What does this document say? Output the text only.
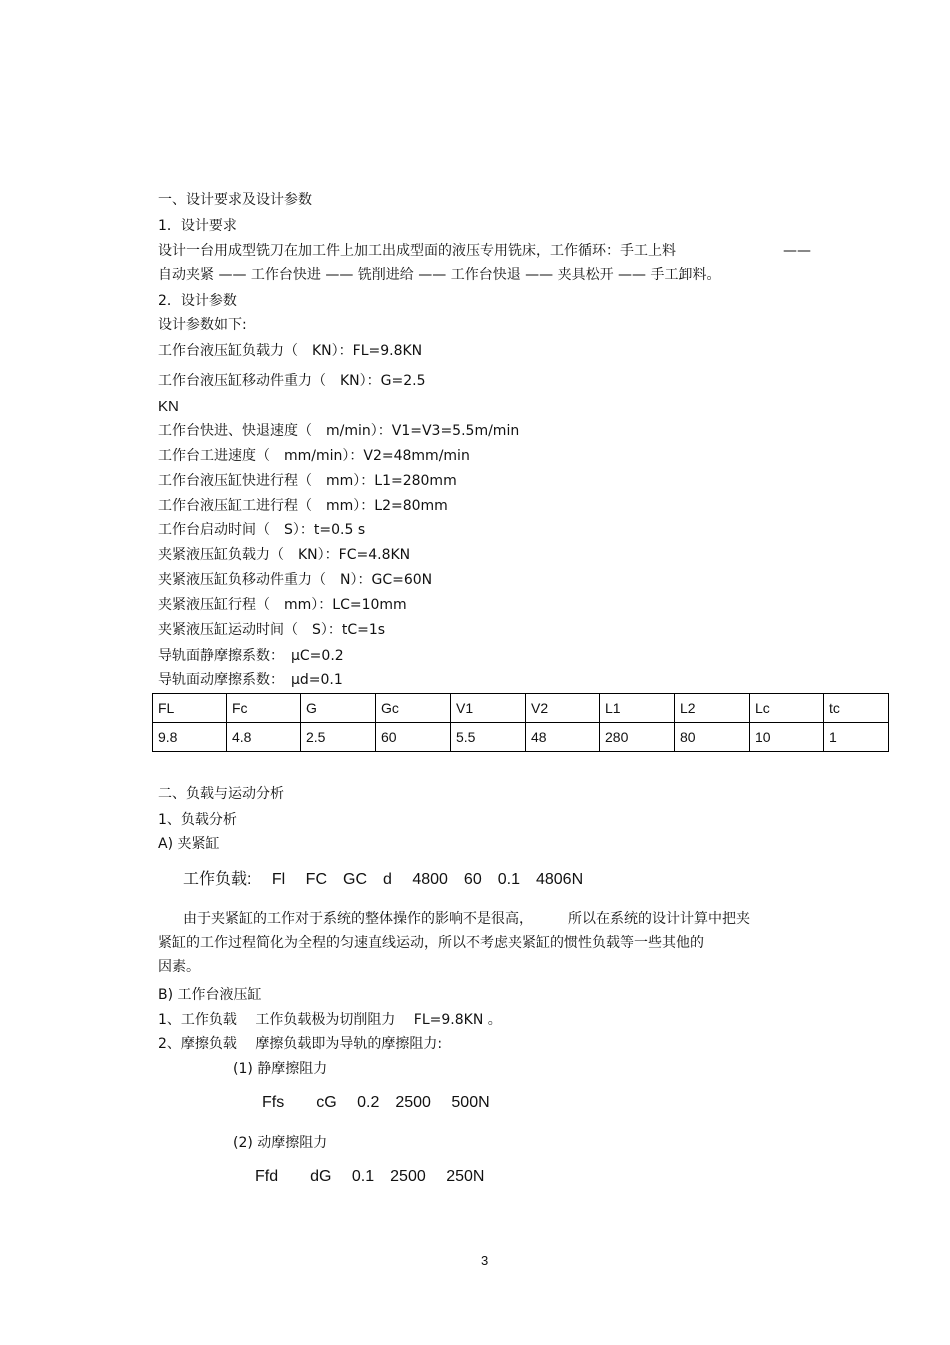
一、设计要求及设计参数
1．设计要求
设计一台用成型铣刀在加工件上加工出成型面的液压专用铣床，工作循环：手工上料	——
自动夹紧 —— 工作台快进 —— 铣削进给 —— 工作台快退 —— 夹具松开 —— 手工卸料。
2．设计参数
设计参数如下:
工作台液压缸负载力（　KN）：FL=9.8KN
工作台液压缸移动件重力（　KN）：G=2.5
KN
工作台快进、快退速度（　m/min）：V1=V3=5.5m/min
工作台工进速度（　mm/min）：V2=48mm/min
工作台液压缸快进行程（　mm）：L1=280mm
工作台液压缸工进行程（　mm）：L2=80mm
工作台启动时间（　S）：t=0.5 s
夹紧液压缸负载力（　KN）：FC=4.8KN
夹紧液压缸负移动件重力（　N）：GC=60N
夹紧液压缸行程（　mm）：LC=10mm
夹紧液压缸运动时间（　S）：tC=1s
导轨面静摩擦系数：　μC=0.2
导轨面动摩擦系数：　μd=0.1
FL	Fc	G	Gc	V1	V2	L1	L2	Lc	tc
9.8	4.8	2.5	60	5.5	48	280	80	10	1
二、负载与运动分析
1、负载分析
A) 夹紧缸
工作负载:　 Fl　 FC　GC　d　 4800　60　0.1　4806N
由于夹紧缸的工作对于系统的整体操作的影响不是很高，　　　所以在系统的设计计算中把夹
紧缸的工作过程简化为全程的匀速直线运动，所以不考虑夹紧缸的惯性负载等一些其他的
因素。
B) 工作台液压缸
1、工作负载　 工作负载极为切削阻力　 FL=9.8KN 。
2、摩擦负载　 摩擦负载即为导轨的摩擦阻力:
(1) 静摩擦阻力
Ffs　　cG　 0.2　2500　 500N
(2) 动摩擦阻力
Ffd　　dG　 0.1　2500　 250N
3
